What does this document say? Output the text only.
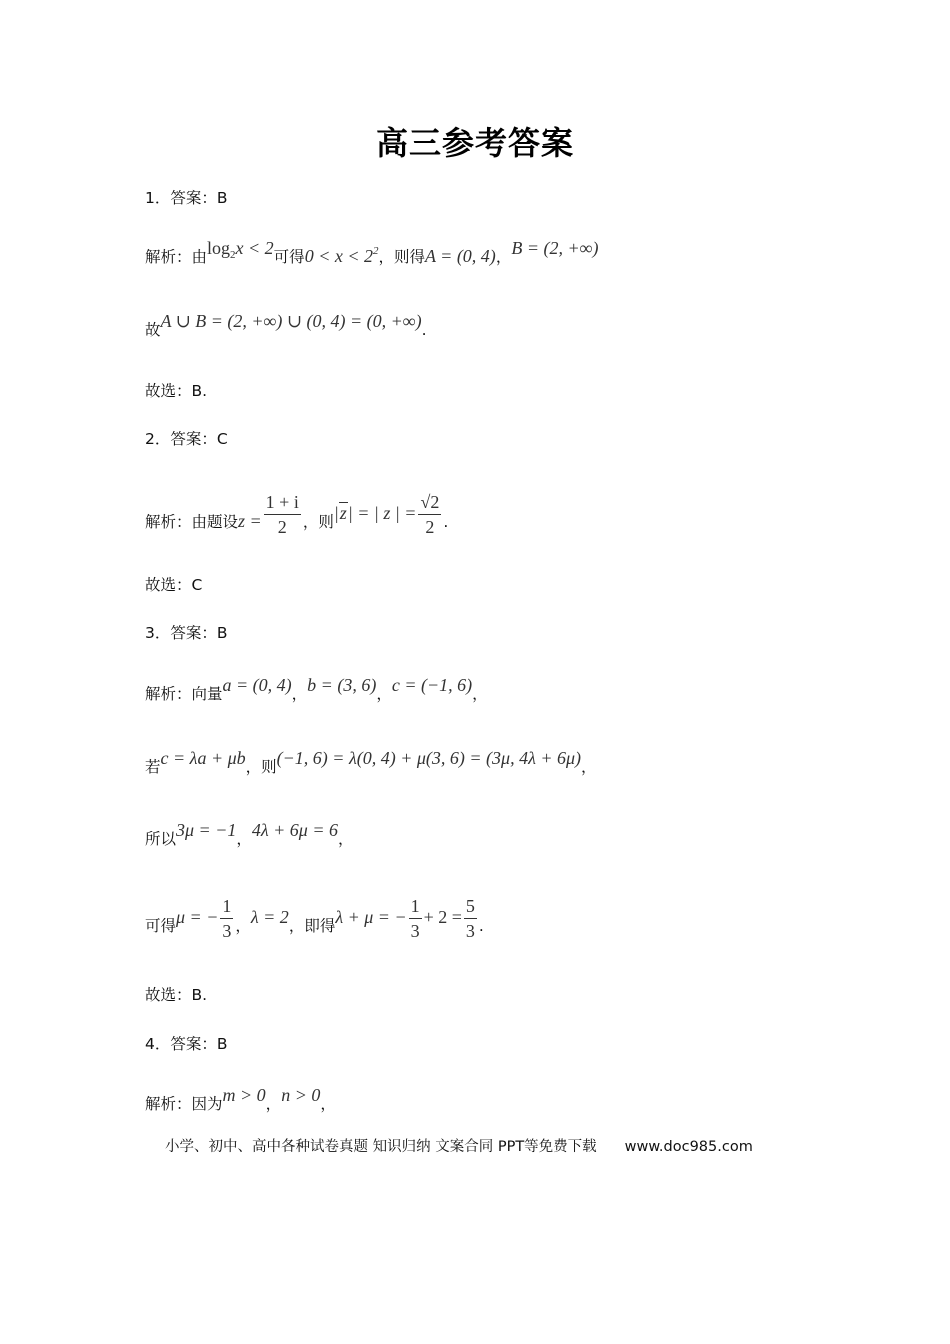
高三参考答案
1．答案：B
解析：由$\log_2x < 2$可得$0 < x < 2^2$，则得A = (0, 4)，B = (2, +∞)
故A ∪ B = (2, +∞) ∪ (0, 4) = (0, +∞).
故选：B.
2．答案：C
解析：由题设$z = \frac{1 + i}{2}$ ，则|z| = | z | = $\frac{√2}{2}$ .
故选：C
3．答案：B
解析：向量a = (0, 4)，b = (3, 6)，c = (−1, 6)，
若c = λa + μb，则(−1, 6) = λ(0, 4) + μ(3, 6) = (3μ, 4λ + 6μ)，
所以3μ = −1，4λ + 6μ = 6，
可得μ = − $\frac{1}{3}$ ，λ = 2，即得λ + μ = − $\frac{1}{3} + 2 = \frac{5}{3}$ .
故选：B.
4．答案：B
解析：因为m > 0，n > 0，
小学、初中、高中各种试卷真题 知识归纳 文案合同 PPT等免费下载 www.doc985.com
